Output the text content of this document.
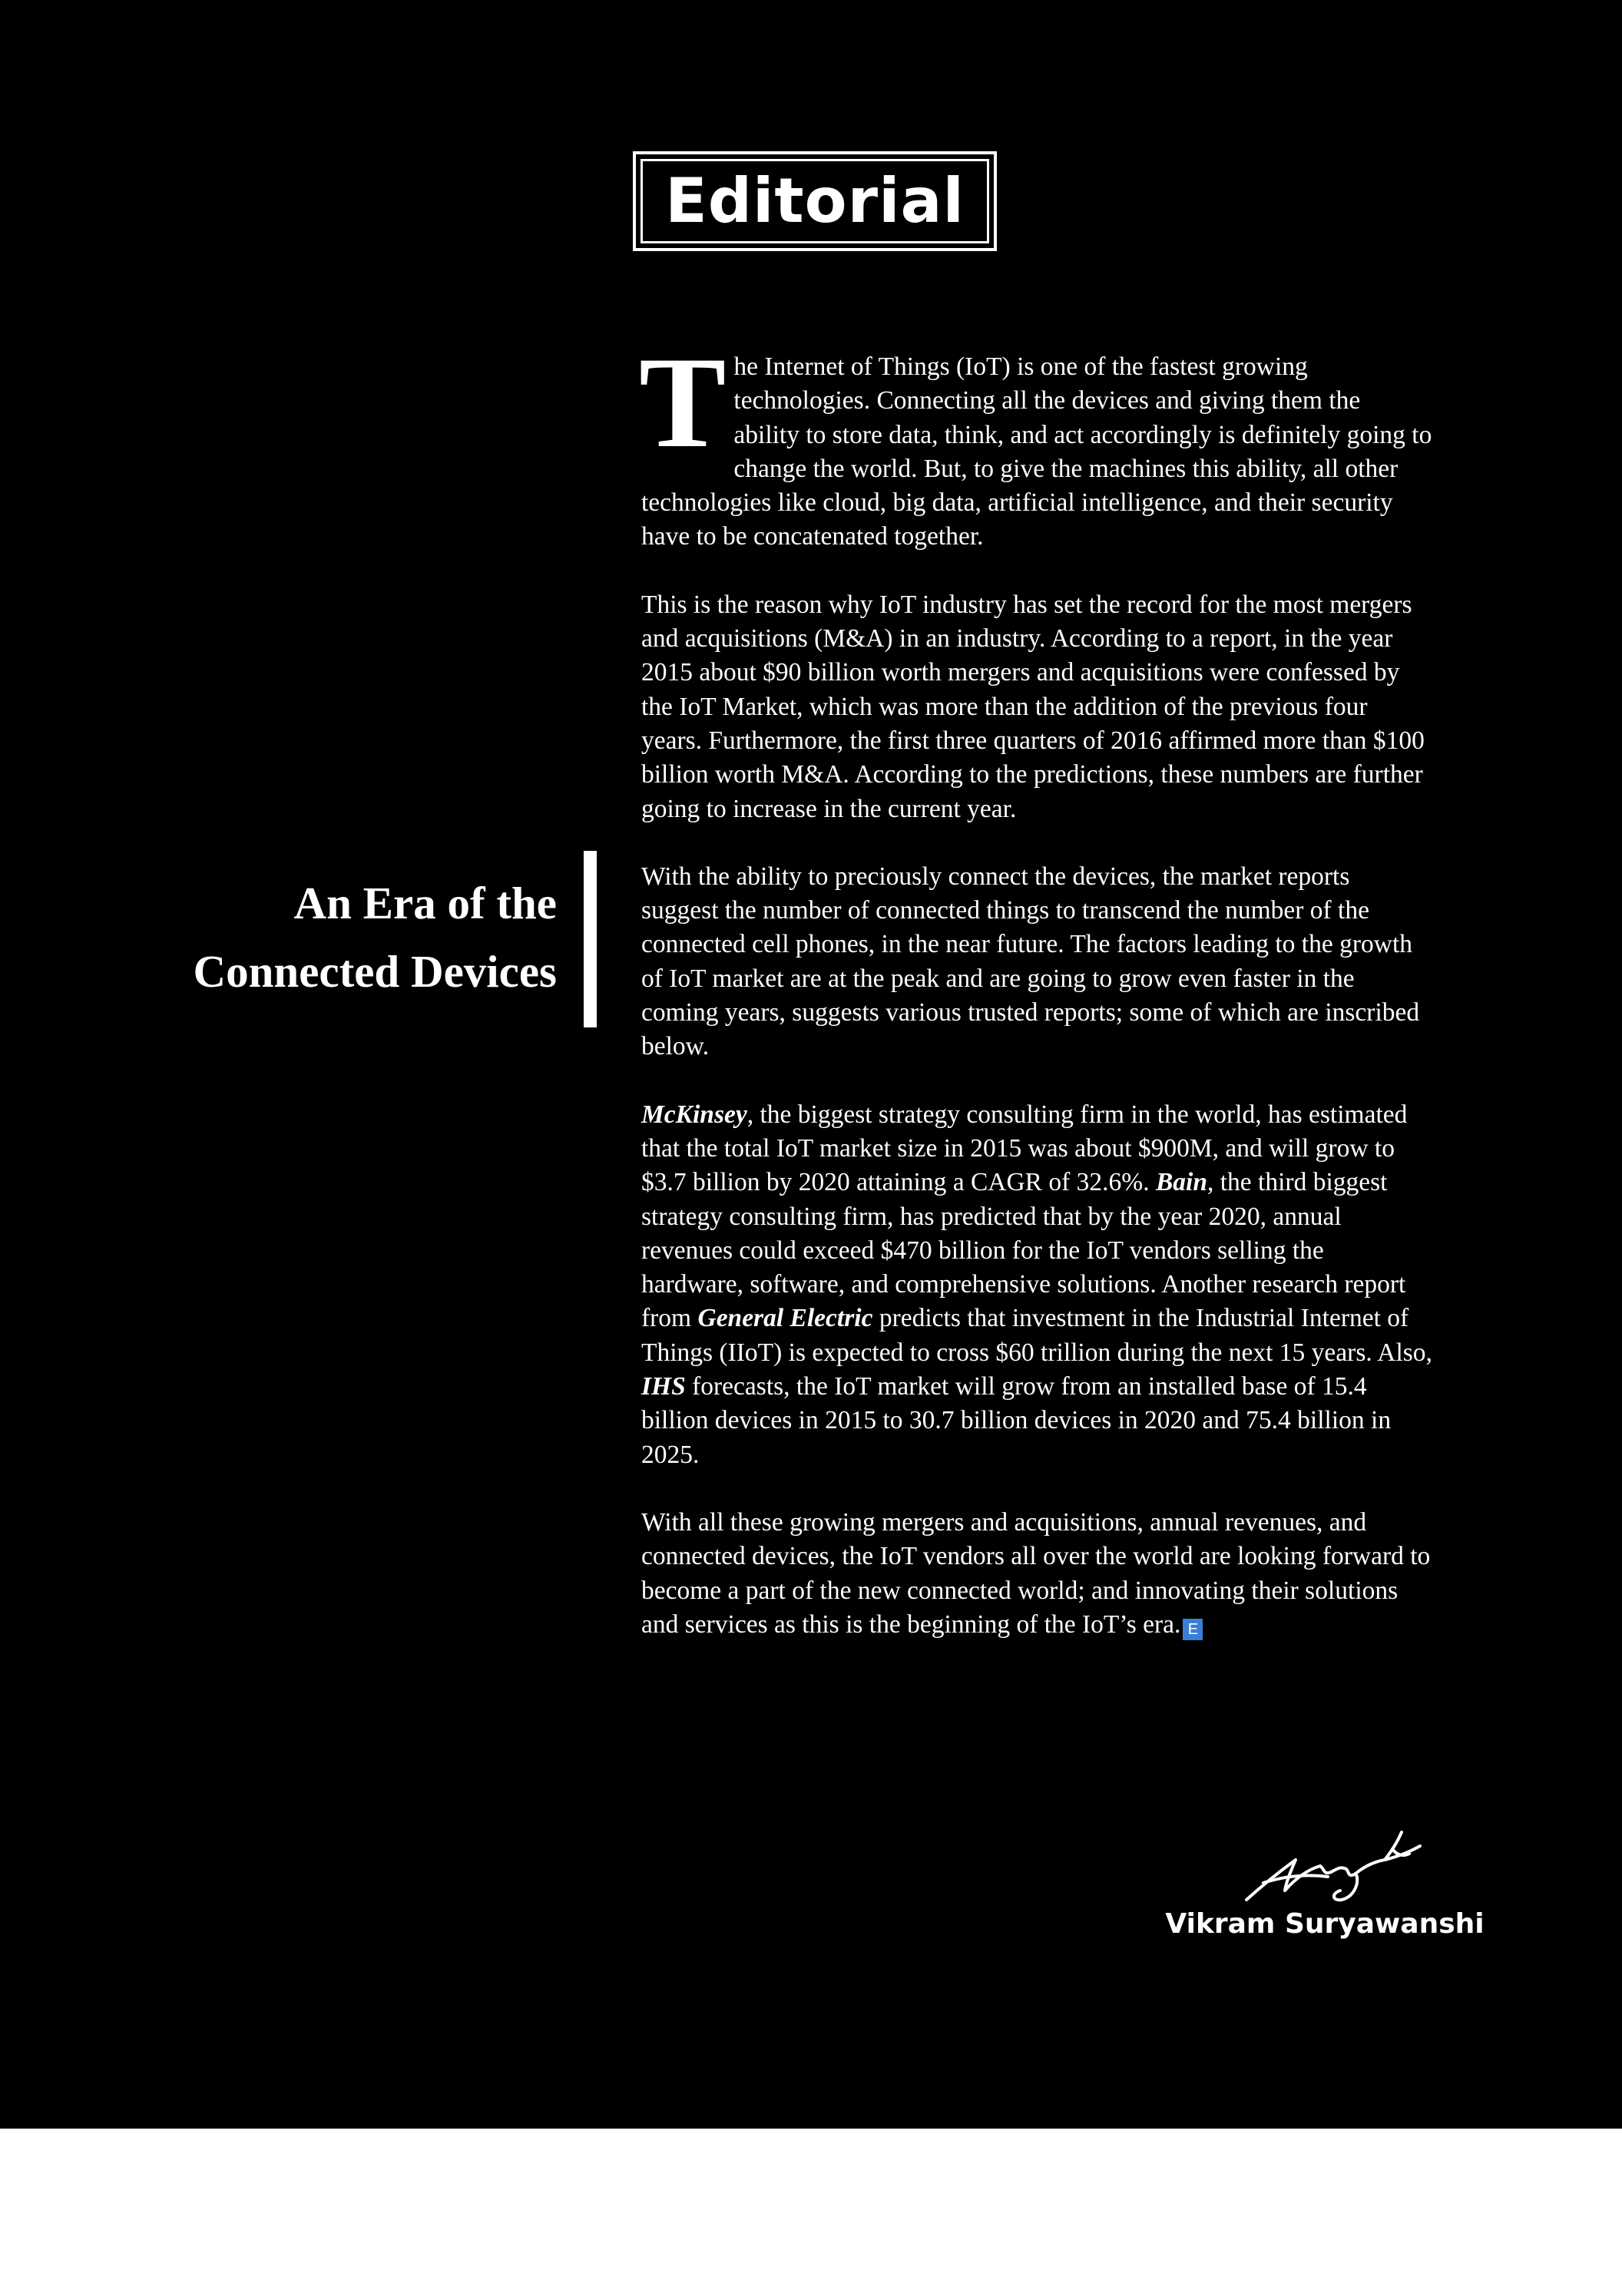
Editorial
An Era of the
Connected Devices

The Internet of Things (IoT) is one of the fastest growing technologies. Connecting all the devices and giving them the ability to store data, think, and act accordingly is definitely going to change the world. But, to give the machines this ability, all other technologies like cloud, big data, artificial intelligence, and their security have to be concatenated together.

This is the reason why IoT industry has set the record for the most mergers and acquisitions (M&A) in an industry. According to a report, in the year 2015 about $90 billion worth mergers and acquisitions were confessed by the IoT Market, which was more than the addition of the previous four years. Furthermore, the first three quarters of 2016 affirmed more than $100 billion worth M&A. According to the predictions, these numbers are further going to increase in the current year.

With the ability to preciously connect the devices, the market reports suggest the number of connected things to transcend the number of the connected cell phones, in the near future. The factors leading to the growth of IoT market are at the peak and are going to grow even faster in the coming years, suggests various trusted reports; some of which are inscribed below.

McKinsey, the biggest strategy consulting firm in the world, has estimated that the total IoT market size in 2015 was about $900M, and will grow to $3.7 billion by 2020 attaining a CAGR of 32.6%. Bain, the third biggest strategy consulting firm, has predicted that by the year 2020, annual revenues could exceed $470 billion for the IoT vendors selling the hardware, software, and comprehensive solutions. Another research report from General Electric predicts that investment in the Industrial Internet of Things (IIoT) is expected to cross $60 trillion during the next 15 years. Also, IHS forecasts, the IoT market will grow from an installed base of 15.4 billion devices in 2015 to 30.7 billion devices in 2020 and 75.4 billion in 2025.

With all these growing mergers and acquisitions, annual revenues, and connected devices, the IoT vendors all over the world are looking forward to become a part of the new connected world; and innovating their solutions and services as this is the beginning of the IoT’s era. E

Vikram Suryawanshi
